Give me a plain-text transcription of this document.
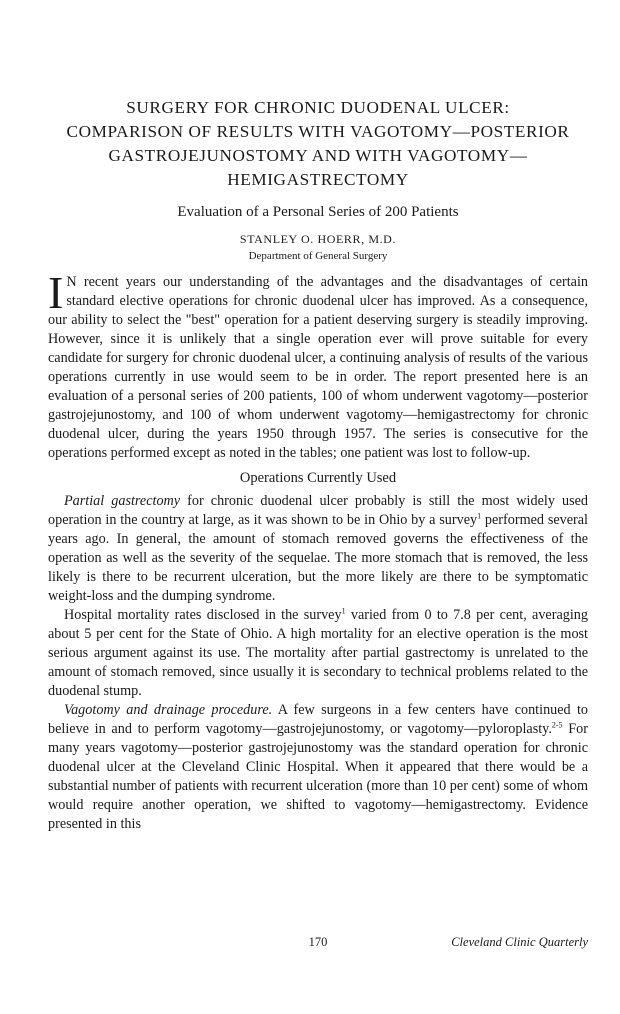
SURGERY FOR CHRONIC DUODENAL ULCER:
COMPARISON OF RESULTS WITH VAGOTOMY—POSTERIOR
GASTROJEJUNOSTOMY AND WITH VAGOTOMY—
HEMIGASTRECTOMY

Evaluation of a Personal Series of 200 Patients

STANLEY O. HOERR, M.D.

Department of General Surgery

I N recent years our understanding of the advantages and the disadvantages of certain standard elective operations for chronic duodenal ulcer has improved. As a consequence, our ability to select the "best" operation for a patient deserving surgery is steadily improving. However, since it is unlikely that a single operation ever will prove suitable for every candidate for surgery for chronic duodenal ulcer, a continuing analysis of results of the various operations currently in use would seem to be in order. The report presented here is an evaluation of a personal series of 200 patients, 100 of whom underwent vagotomy—posterior gastrojejunostomy, and 100 of whom underwent vagotomy—hemigastrectomy for chronic duodenal ulcer, during the years 1950 through 1957. The series is consecutive for the operations performed except as noted in the tables; one patient was lost to follow-up.

Operations Currently Used

Partial gastrectomy for chronic duodenal ulcer probably is still the most widely used operation in the country at large, as it was shown to be in Ohio by a survey$^1$ performed several years ago. In general, the amount of stomach removed governs the effectiveness of the operation as well as the severity of the sequelae. The more stomach that is removed, the less likely is there to be recurrent ulceration, but the more likely are there to be symptomatic weight-loss and the dumping syndrome.

Hospital mortality rates disclosed in the survey$^1$ varied from 0 to 7.8 per cent, averaging about 5 per cent for the State of Ohio. A high mortality for an elective operation is the most serious argument against its use. The mortality after partial gastrectomy is unrelated to the amount of stomach removed, since usually it is secondary to technical problems related to the duodenal stump.

Vagotomy and drainage procedure. A few surgeons in a few centers have continued to believe in and to perform vagotomy—gastrojejunostomy, or vagotomy—pyloroplasty.$^{2-5}$ For many years vagotomy—posterior gastrojejunostomy was the standard operation for chronic duodenal ulcer at the Cleveland Clinic Hospital. When it appeared that there would be a substantial number of patients with recurrent ulceration (more than 10 per cent) some of whom would require another operation, we shifted to vagotomy—hemigastrectomy. Evidence presented in this

170	Cleveland Clinic Quarterly
